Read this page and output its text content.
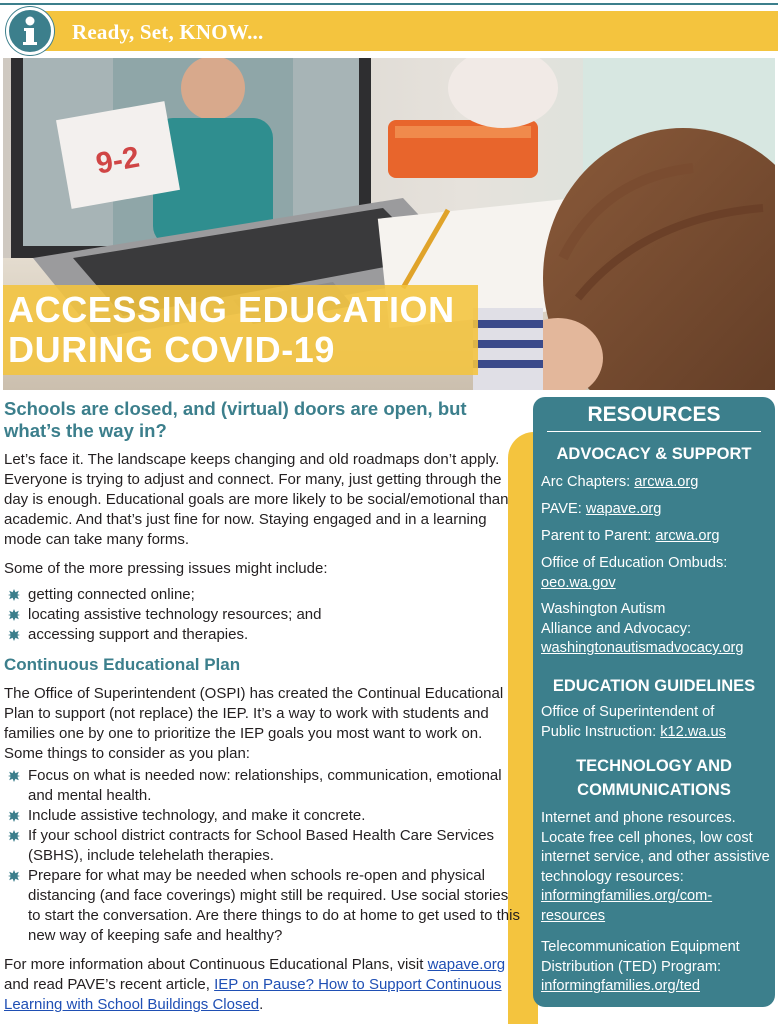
Ready, Set, KNOW...
9-2
ACCESSING EDUCATION
DURING COVID-19
RESOURCES
ADVOCACY & SUPPORT
Arc Chapters: arcwa.org
PAVE: wapave.org
Parent to Parent: arcwa.org
Office of Education Ombuds:
oeo.wa.gov
Washington Autism
Alliance and Advocacy:
washingtonautismadvocacy.org
EDUCATION GUIDELINES
Office of Superintendent of
Public Instruction: k12.wa.us
TECHNOLOGY AND
COMMUNICATIONS
Internet and phone resources. Locate free cell phones, low cost internet service, and other assistive technology resources:
informingfamilies.org/com-
resources
Telecommunication Equipment
Distribution (TED) Program:
informingfamilies.org/ted
Schools are closed, and (virtual) doors are open, but what’s the way in?
Let’s face it. The landscape keeps changing and old roadmaps don’t apply. Everyone is trying to adjust and connect. For many, just getting through the day is enough. Educational goals are more likely to be social/emotional than academic. And that’s just fine for now. Staying engaged and in a learning mode can take many forms.
Some of the more pressing issues might include:
getting connected online;
locating assistive technology resources; and
accessing support and therapies.
Continuous Educational Plan
The Office of Superintendent (OSPI) has created the Continual Educational Plan to support (not replace) the IEP. It’s a way to work with students and families one by one to prioritize the IEP goals you most want to work on. Some things to consider as you plan:
Focus on what is needed now: relationships, communication, emotional and mental health.
Include assistive technology, and make it concrete.
If your school district contracts for School Based Health Care Services (SBHS), include telehelath therapies.
Prepare for what may be needed when schools re-open and physical distancing (and face coverings) might still be required. Use social stories to start the conversation. Are there things to do at home to get used to this new way of keeping safe and healthy?
For more information about Continuous Educational Plans, visit wapave.org and read PAVE’s recent article, IEP on Pause? How to Support Continuous Learning with School Buildings Closed.
